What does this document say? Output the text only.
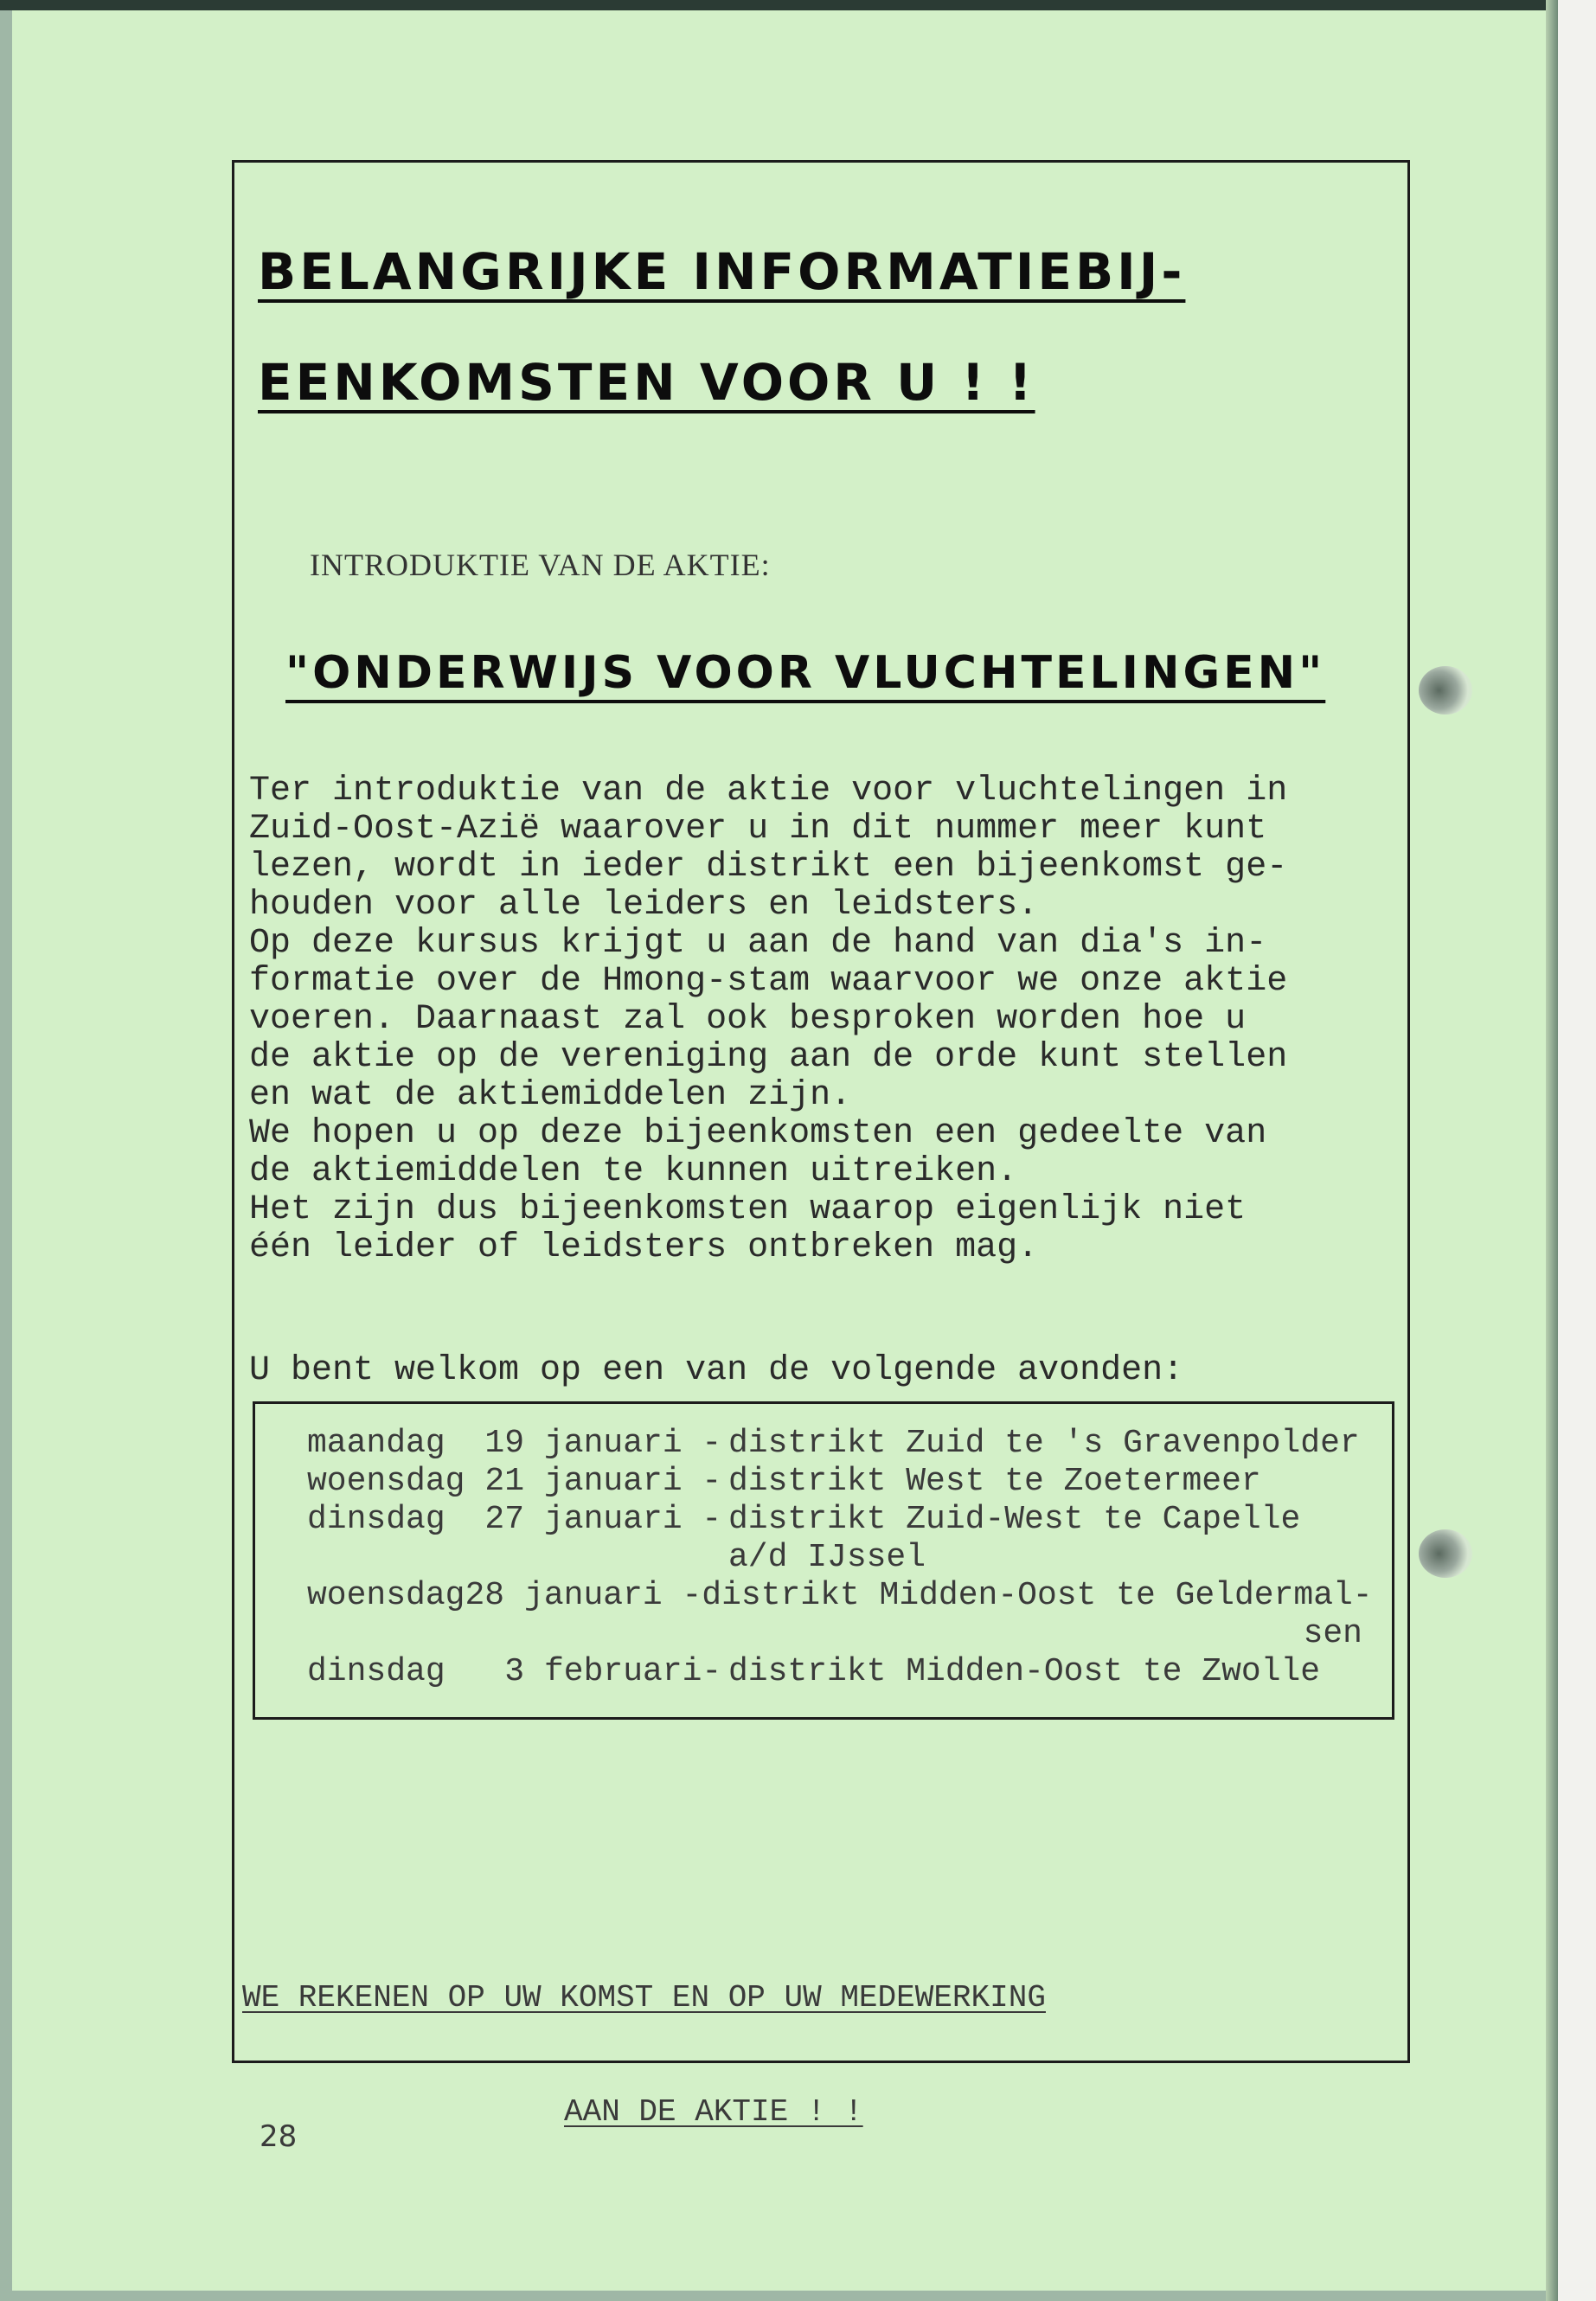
BELANGRIJKE INFORMATIEBIJ-
EENKOMSTEN VOOR U ! !
INTRODUKTIE VAN DE AKTIE:
"ONDERWIJS VOOR VLUCHTELINGEN"
Ter introduktie van de aktie voor vluchtelingen in
Zuid-Oost-Azië waarover u in dit nummer meer kunt
lezen, wordt in ieder distrikt een bijeenkomst ge-
houden voor alle leiders en leidsters.
Op deze kursus krijgt u aan de hand van dia's in-
formatie over de Hmong-stam waarvoor we onze aktie
voeren. Daarnaast zal ook besproken worden hoe u
de aktie op de vereniging aan de orde kunt stellen
en wat de aktiemiddelen zijn.
We hopen u op deze bijeenkomsten een gedeelte van
de aktiemiddelen te kunnen uitreiken.
Het zijn dus bijeenkomsten waarop eigenlijk niet
één leider of leidsters ontbreken mag.
U bent welkom op een van de volgende avonden:
maandag	19 januari - distrikt Zuid te 's Gravenpolder
woensdag 21 januari - distrikt West te Zoetermeer
dinsdag	27 januari - distrikt Zuid-West te Capelle
a/d IJssel
woensdag 28 januari - distrikt Midden-Oost te Geldermal-
sen
dinsdag	3 februari- distrikt Midden-Oost te Zwolle

WE REKENEN OP UW KOMST EN OP UW MEDEWERKING

AAN DE AKTIE ! !

28
